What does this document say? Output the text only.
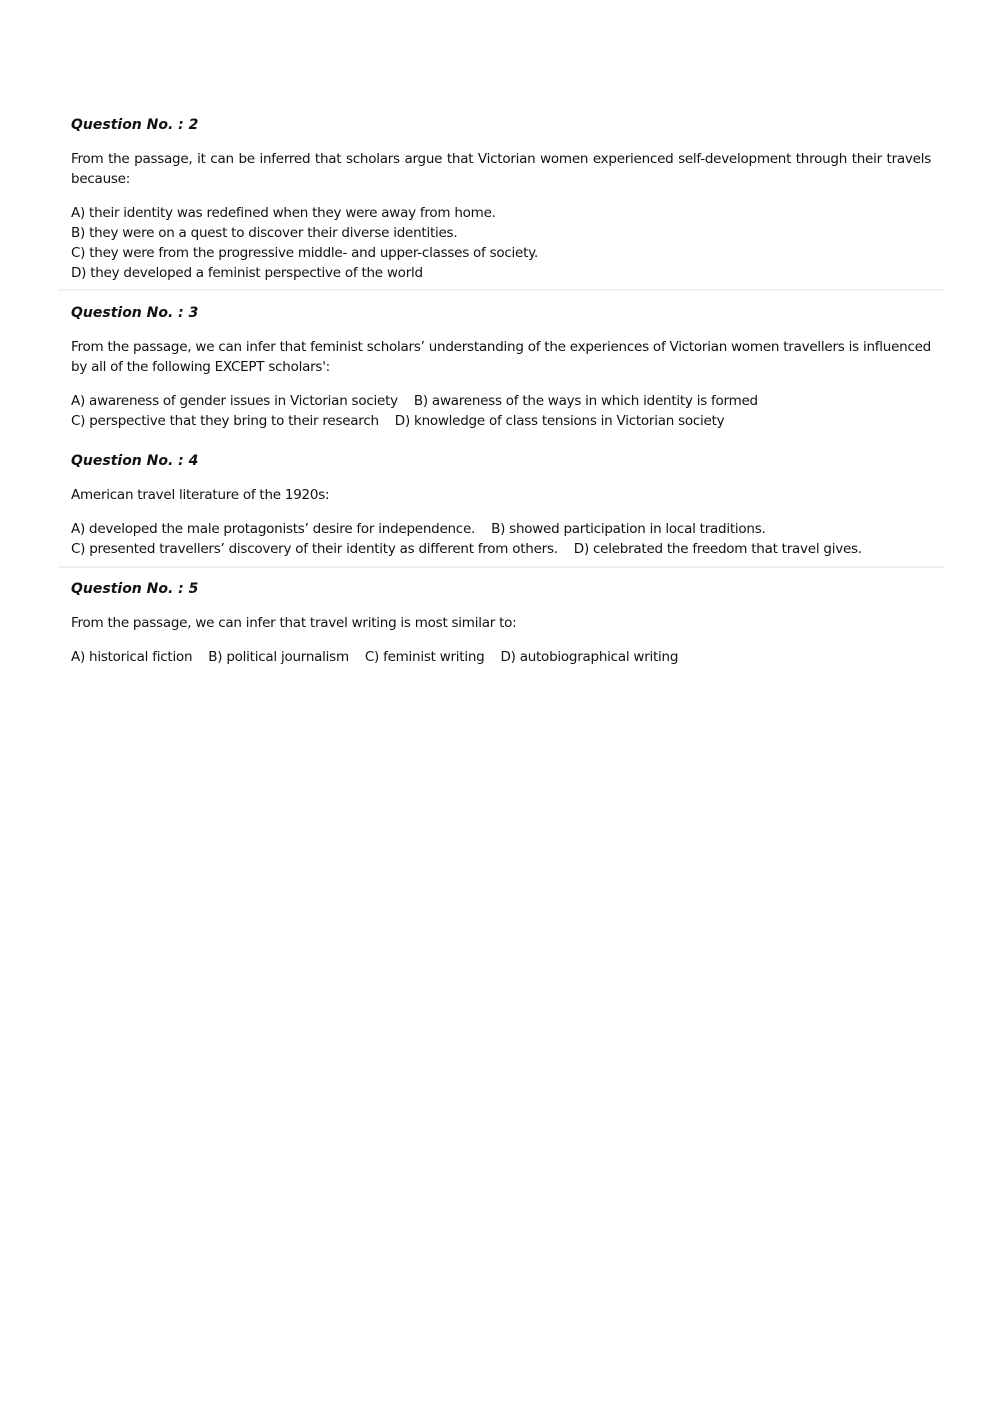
Question No. : 2

From the passage, it can be inferred that scholars argue that Victorian women experienced self-development through their travels because:

A) their identity was redefined when they were away from home.
B) they were on a quest to discover their diverse identities.
C) they were from the progressive middle- and upper-classes of society.
D) they developed a feminist perspective of the world

Question No. : 3

From the passage, we can infer that feminist scholars’ understanding of the experiences of Victorian women travellers is influenced by all of the following EXCEPT scholars':

A) awareness of gender issues in Victorian society B) awareness of the ways in which identity is formed
C) perspective that they bring to their research D) knowledge of class tensions in Victorian society

Question No. : 4

American travel literature of the 1920s:

A) developed the male protagonists’ desire for independence. B) showed participation in local traditions.
C) presented travellers’ discovery of their identity as different from others. D) celebrated the freedom that travel gives.

Question No. : 5

From the passage, we can infer that travel writing is most similar to:

A) historical fiction B) political journalism C) feminist writing D) autobiographical writing
